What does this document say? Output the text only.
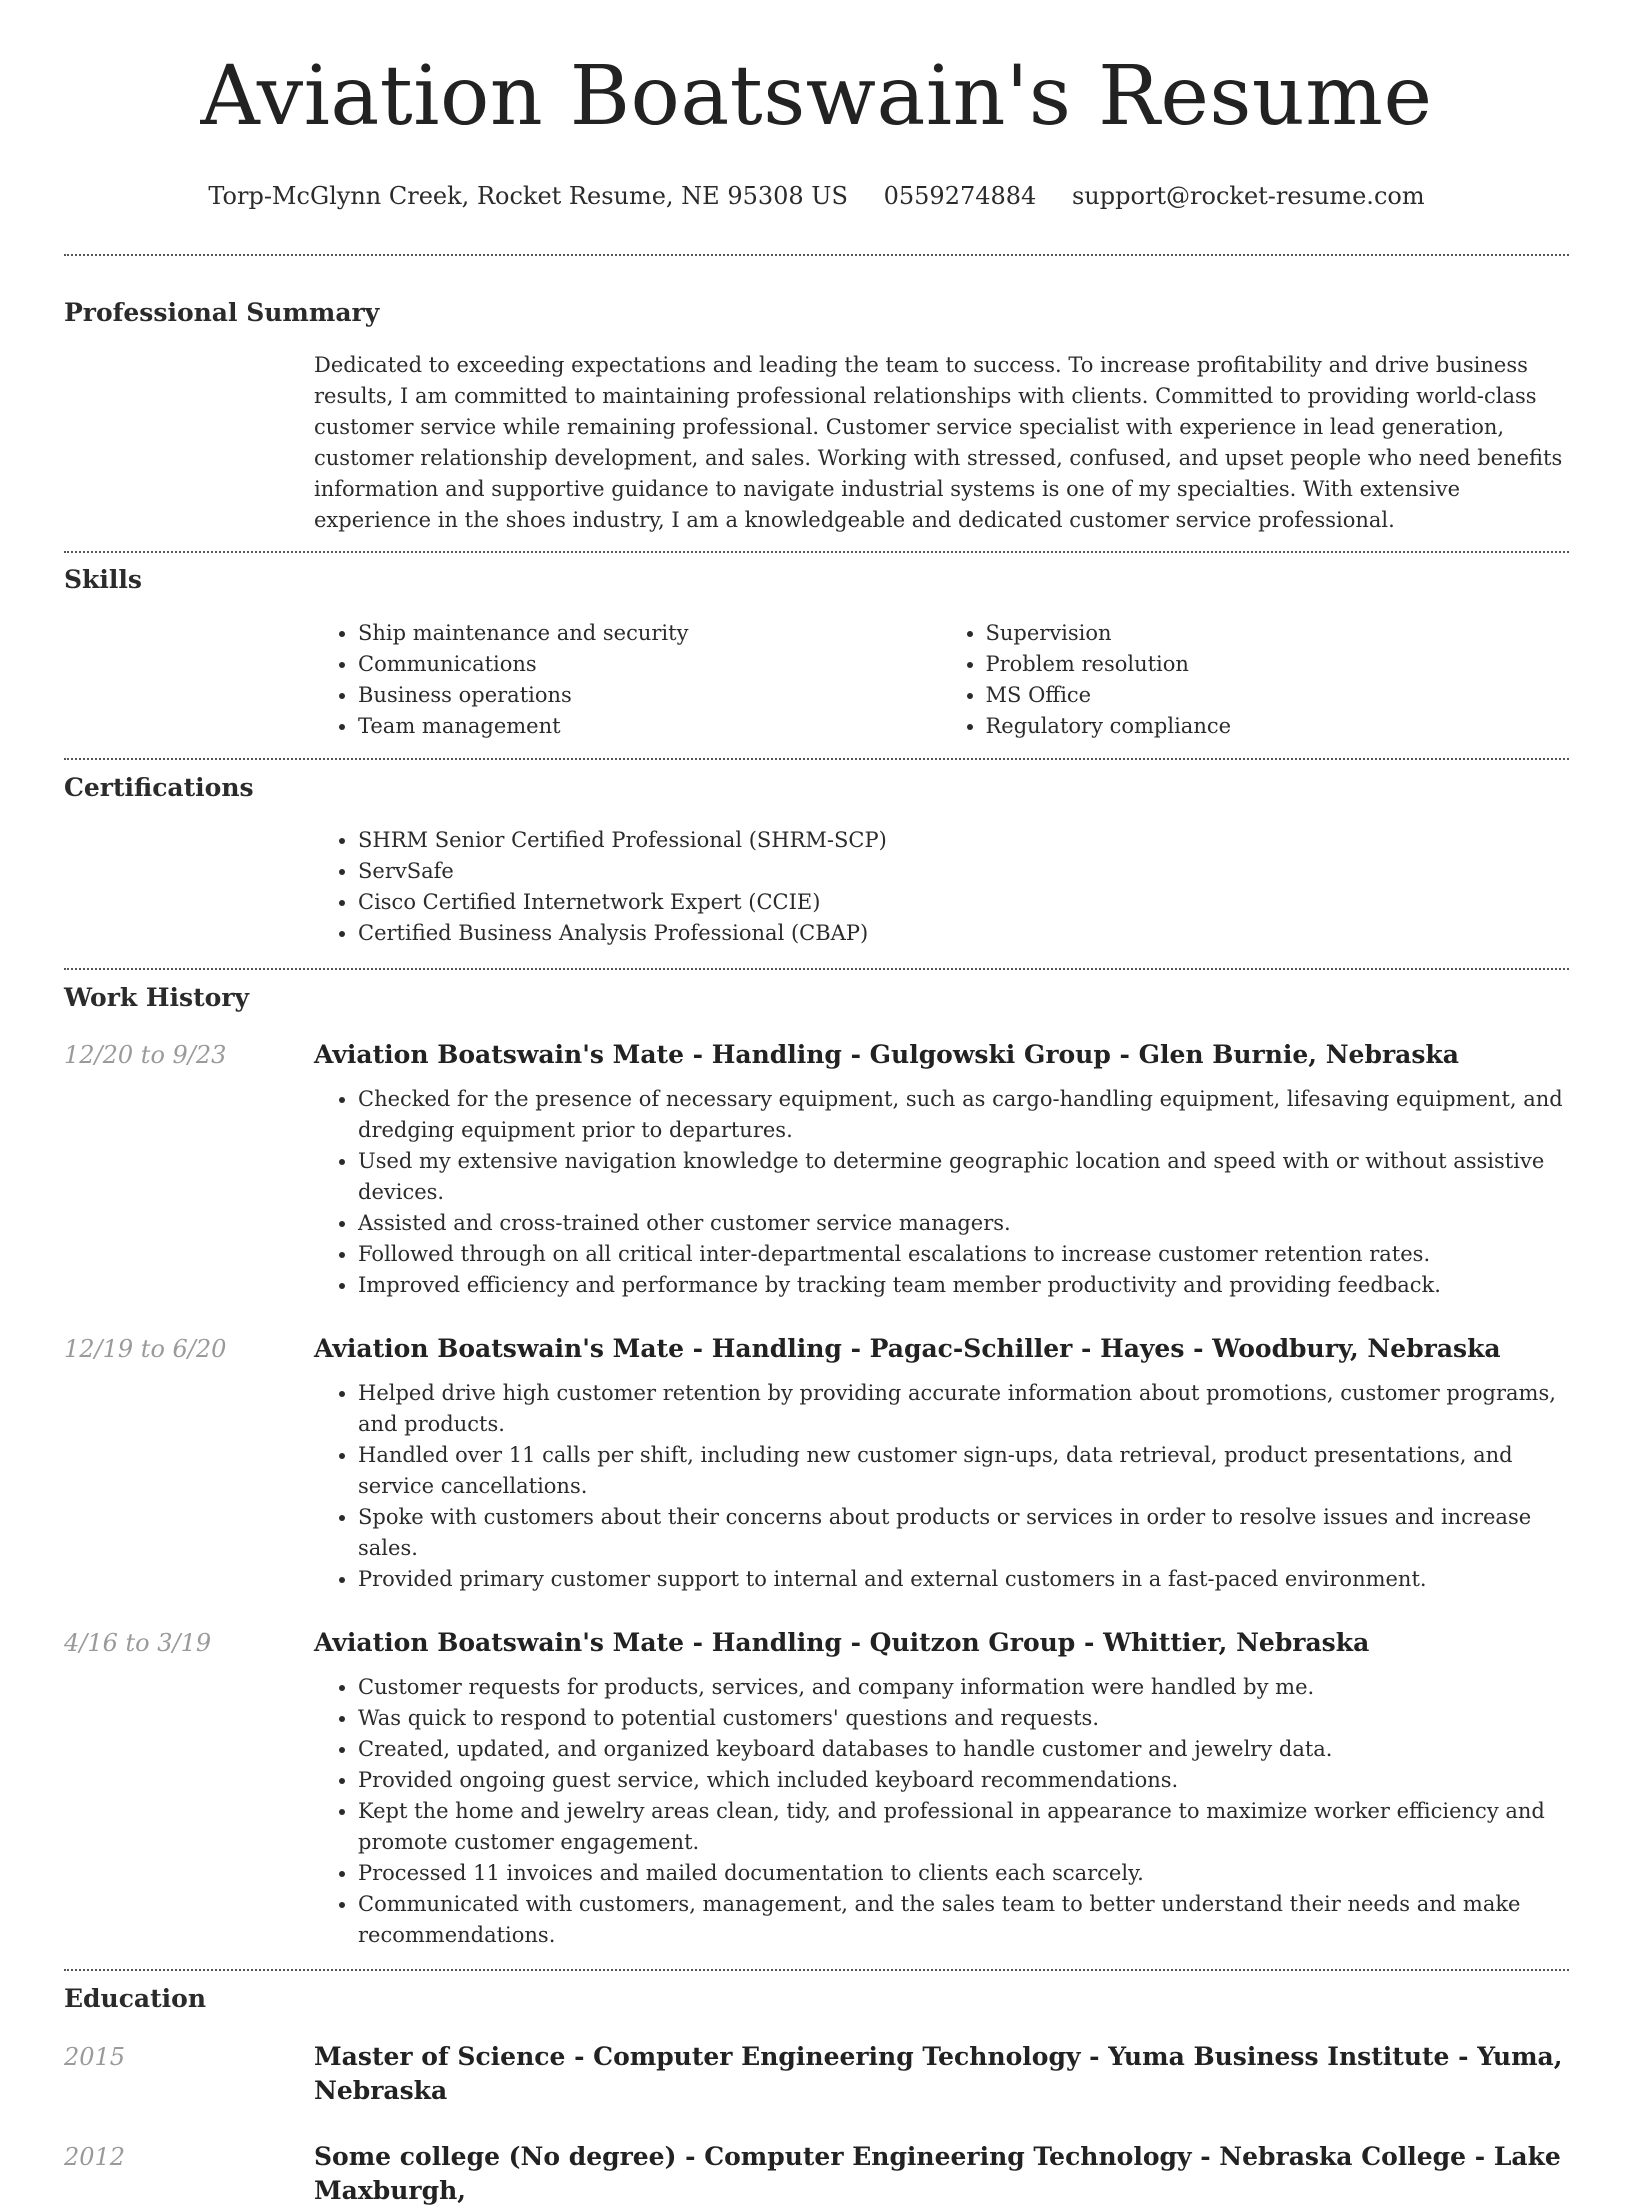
Aviation Boatswain's Resume
Torp-McGlynn Creek, Rocket Resume, NE 95308 US 0559274884 support@rocket-resume.com
Professional Summary

Dedicated to exceeding expectations and leading the team to success. To increase profitability and drive business results, I am committed to maintaining professional relationships with clients. Committed to providing world-class customer service while remaining professional. Customer service specialist with experience in lead generation, customer relationship development, and sales. Working with stressed, confused, and upset people who need benefits information and supportive guidance to navigate industrial systems is one of my specialties. With extensive experience in the shoes industry, I am a knowledgeable and dedicated customer service professional.

Skills
• Ship maintenance and security
• Communications
• Business operations
• Team management
• Supervision
• Problem resolution
• MS Office
• Regulatory compliance
Certifications
• SHRM Senior Certified Professional (SHRM-SCP)
• ServSafe
• Cisco Certified Internetwork Expert (CCIE)
• Certified Business Analysis Professional (CBAP)
Work History
12/20 to 9/23	Aviation Boatswain's Mate - Handling - Gulgowski Group - Glen Burnie, Nebraska
• Checked for the presence of necessary equipment, such as cargo-handling equipment, lifesaving equipment, and dredging equipment prior to departures.
• Used my extensive navigation knowledge to determine geographic location and speed with or without assistive devices.
• Assisted and cross-trained other customer service managers.
• Followed through on all critical inter-departmental escalations to increase customer retention rates.
• Improved efficiency and performance by tracking team member productivity and providing feedback.
12/19 to 6/20	Aviation Boatswain's Mate - Handling - Pagac-Schiller - Hayes - Woodbury, Nebraska
• Helped drive high customer retention by providing accurate information about promotions, customer programs, and products.
• Handled over 11 calls per shift, including new customer sign-ups, data retrieval, product presentations, and service cancellations.
• Spoke with customers about their concerns about products or services in order to resolve issues and increase sales.
• Provided primary customer support to internal and external customers in a fast-paced environment.
4/16 to 3/19	Aviation Boatswain's Mate - Handling - Quitzon Group - Whittier, Nebraska
• Customer requests for products, services, and company information were handled by me.
• Was quick to respond to potential customers' questions and requests.
• Created, updated, and organized keyboard databases to handle customer and jewelry data.
• Provided ongoing guest service, which included keyboard recommendations.
• Kept the home and jewelry areas clean, tidy, and professional in appearance to maximize worker efficiency and promote customer engagement.
• Processed 11 invoices and mailed documentation to clients each scarcely.
• Communicated with customers, management, and the sales team to better understand their needs and make recommendations.
Education
2015	Master of Science - Computer Engineering Technology - Yuma Business Institute - Yuma, Nebraska
2012	Some college (No degree) - Computer Engineering Technology - Nebraska College - Lake Maxburgh,
